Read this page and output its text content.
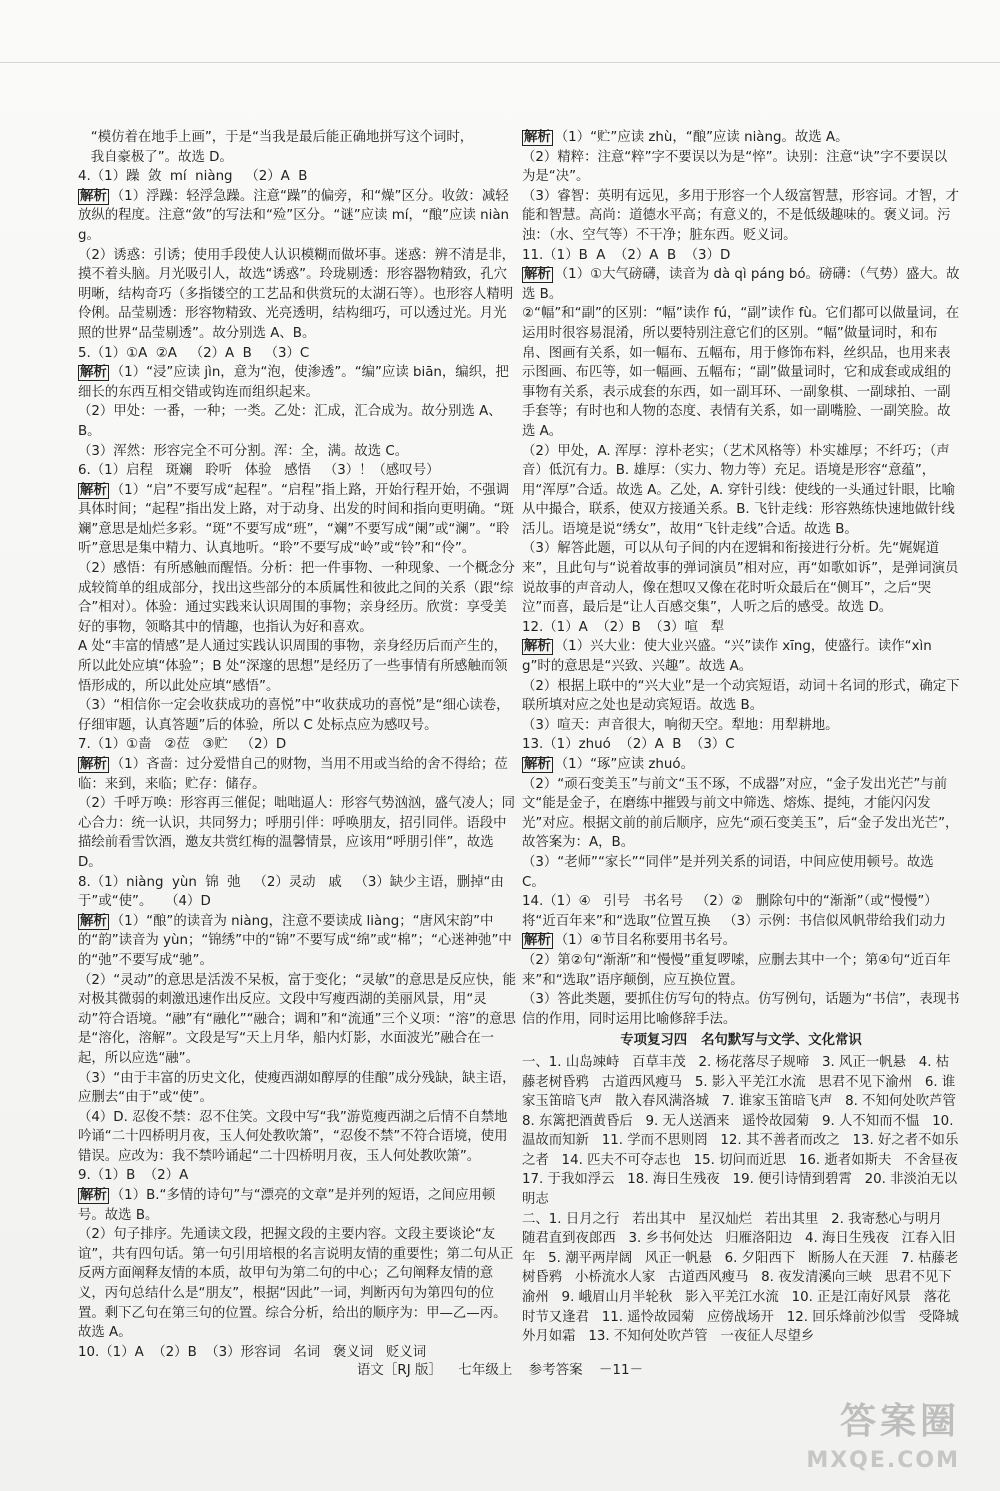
“模仿着在地手上画”，于是“当我是最后能正确地拼写这个词时，

我自豪极了”。故选 D。

4.（1）躁  敛  mí  niàng   （2）A  B

解析 （1）浮躁：轻浮急躁。注意“躁”的偏旁，和“燥”区分。收敛：减轻放纵的程度。注意“敛”的写法和“殓”区分。“谜”应读 mí，“酿”应读 niàng。

（2）诱惑：引诱；使用手段使人认识模糊而做坏事。迷惑：辨不清是非，摸不着头脑。月光吸引人，故选“诱惑”。玲珑剔透：形容器物精致，孔穴明晰，结构奇巧（多指镂空的工艺品和供赏玩的太湖石等）。也形容人精明伶俐。品莹剔透：形容物精致、光亮透明，结构细巧，可以透过光。月光照的世界“品莹剔透”。故分别选 A、B。

5.（1）①A  ②A   （2）A  B   （3）C

解析 （1）“浸”应读 jìn，意为“泡，使渗透”。“编”应读 biān，编织，把细长的东西互相交错或钩连而组织起来。

（2）甲处：一番，一种；一类。乙处：汇成，汇合成为。故分别选 A、B。

（3）浑然：形容完全不可分割。浑：全，满。故选 C。

6.（1）启程   斑斓   聆听   体验   感悟   （3）！（感叹号）

解析 （1）“启”不要写成“起程”。“启程”指上路，开始行程开始，不强调具体时间；“起程”指出发上路，对于动身、出发的时间和指向更明确。“斑斓”意思是灿烂多彩。“斑”不要写成“班”，“斓”不要写成“阑”或“澜”。“聆听”意思是集中精力、认真地听。“聆”不要写成“岭”或“铃”和“伶”。

（2）感悟：有所感触而醒悟。分析：把一件事物、一种现象、一个概念分成较简单的组成部分，找出这些部分的本质属性和彼此之间的关系（跟“综合”相对）。体验：通过实践来认识周围的事物；亲身经历。欣赏：享受美好的事物，领略其中的情趣，也指认为好和喜欢。

A 处“丰富的情感”是人通过实践认识周围的事物，亲身经历后而产生的，所以此处应填“体验”；B 处“深邃的思想”是经历了一些事情有所感触而领悟形成的，所以此处应填“感悟”。

（3）“相信你一定会收获成功的喜悦”中“收获成功的喜悦”是“细心读卷，仔细审题，认真答题”后的体验，所以 C 处标点应为感叹号。

7.（1）①啬   ②莅   ③贮   （2）D

解析 （1）吝啬：过分爱惜自己的财物，当用不用或当给的舍不得给；莅临：来到，来临；贮存：储存。

（2）千呼万唤：形容再三催促；咄咄逼人：形容气势汹汹，盛气凌人；同心合力：统一认识，共同努力；呼朋引伴：呼唤朋友，招引同伴。语段中描绘前看雪饮酒，邀友共赏红梅的温馨情景，应该用“呼朋引伴”，故选 D。

8.（1）niàng  yùn  锦  弛   （2）灵动   戚   （3）缺少主语，删掉“由于”或“使”。   （4）D

解析 （1）“酿”的读音为 niàng，注意不要读成 liàng；“唐风宋韵”中的“韵”读音为 yùn；“锦绣”中的“锦”不要写成“绵”或“棉”；“心迷神弛”中的“弛”不要写成“驰”。

（2）“灵动”的意思是活泼不呆板，富于变化；“灵敏”的意思是反应快，能对极其微弱的刺激迅速作出反应。文段中写瘦西湖的美丽风景，用“灵动”符合语境。“融”有“融化”“融合；调和”和“流通”三个义项：“溶”的意思是“溶化，溶解”。文段是写“天上月华，船内灯影，水面波光”融合在一起，所以应选“融”。

（3）“由于丰富的历史文化，使瘦西湖如醇厚的佳酿”成分残缺，缺主语，应删去“由于”或“使”。

（4）D. 忍俊不禁：忍不住笑。文段中写“我”游览瘦西湖之后情不自禁地吟诵“二十四桥明月夜，玉人何处教吹箫”，“忍俊不禁”不符合语境，使用错误。应改为：我不禁吟诵起“二十四桥明月夜，玉人何处教吹箫”。

9.（1）B  （2）A

解析 （1）B.“多情的诗句”与“漂亮的文章”是并列的短语，之间应用顿号。故选 B。

（2）句子排序。先通读文段，把握文段的主要内容。文段主要谈论“友谊”，共有四句话。第一句引用培根的名言说明友情的重要性；第二句从正反两方面阐释友情的本质，故甲句为第二句的中心；乙句阐释友情的意义，丙句总结什么是“朋友”，根据“因此”一词，判断丙句为第四句的位置。剩下乙句在第三句的位置。综合分析，给出的顺序为：甲—乙—丙。故选 A。

10.（1）A  （2）B  （3）形容词   名词   褒义词   贬义词

解析 （1）“贮”应读 zhù，“酿”应读 niàng。故选 A。

（2）精粹：注意“粹”字不要误以为是“悴”。诀别：注意“诀”字不要误以为是“决”。

（3）睿智：英明有远见，多用于形容一个人级富智慧，形容词。才智，才能和智慧。高尚：道德水平高；有意义的，不是低级趣味的。褒义词。污浊：（水、空气等）不干净；脏东西。贬义词。

11.（1）B  A  （2）A  B  （3）D

解析 （1）①大气磅礴，读音为 dà qì páng bó。磅礴：（气势）盛大。故选 B。

②“幅”和“副”的区别：“幅”读作 fú，“副”读作 fù。它们都可以做量词，在运用时很容易混淆，所以要特别注意它们的区别。“幅”做量词时，和布帛、图画有关系，如一幅布、五幅布，用于修饰布料，丝织品，也用来表示图画、布匹等，如一幅画、五幅布；“副”做量词时，它和成套或成组的事物有关系，表示成套的东西，如一副耳环、一副象棋、一副球拍、一副手套等；有时也和人物的态度、表情有关系，如一副嘴脸、一副笑脸。故选 A。

（2）甲处，A. 浑厚：淳朴老实；（艺术风格等）朴实雄厚；不纤巧；（声音）低沉有力。B. 雄厚：（实力、物力等）充足。语境是形容“意蕴”，用“浑厚”合适。故选 A。乙处，A. 穿针引线：使线的一头通过针眼，比喻从中撮合，联系，使双方接通关系。B. 飞针走线：形容熟练快速地做针线活儿。语境是说“绣女”，故用“飞针走线”合适。故选 B。

（3）解答此题，可以从句子间的内在逻辑和衔接进行分析。先“娓娓道来”，且此句与“说着故事的弹词演员”相对应，再“如歌如诉”，是弹词演员说故事的声音动人，像在想叹又像在花时听众最后在“侧耳”，之后“哭泣”而喜，最后是“让人百感交集”，人听之后的感受。故选 D。

12.（1）A  （2）B  （3）喧   犁

解析 （1）兴大业：使大业兴盛。“兴”读作 xīng，使盛行。读作“xìng”时的意思是“兴致、兴趣”。故选 A。

（2）根据上联中的“兴大业”是一个动宾短语，动词＋名词的形式，确定下联所填对应之处也是动宾短语。故选 B。

（3）喧天：声音很大，响彻天空。犁地：用犁耕地。

13.（1）zhuó  （2）A  B  （3）C

解析 （1）“琢”应读 zhuó。

（2）“顽石变美玉”与前文“玉不琢，不成器”对应，“金子发出光芒”与前文“能是金子，在磨练中摧毁与前文中筛选、熔炼、提纯，才能闪闪发光”对应。根据文前的前后顺序，应先“顽石变美玉”，后“金子发出光芒”，故答案为：A，B。

（3）“老师”“家长”“同伴”是并列关系的词语，中间应使用顿号。故选 C。

14.（1）④   引号   书名号   （2）②   删除句中的“渐渐”（或“慢慢”）   将“近百年来”和“选取”位置互换   （3）示例：书信似风帆带给我们动力

解析 （1）④节目名称要用书名号。

（2）第②句“渐渐”和“慢慢”重复啰嗦，应删去其中一个；第④句“近百年来”和“选取”语序颠倒，应互换位置。

（3）答此类题，要抓住仿写句的特点。仿写例句，话题为“书信”，表现书信的作用，同时运用比喻修辞手法。

专项复习四   名句默写与文学、文化常识

一、1. 山岛竦峙   百草丰茂   2. 杨花落尽子规啼   3. 风正一帆悬   4. 枯藤老树昏鸦   古道西风瘦马   5. 影入平羌江水流   思君不见下渝州   6. 谁家玉笛暗飞声   散入春风满洛城   7. 谁家玉笛暗飞声   8. 不知何处吹芦管   8. 东篱把酒黄昏后   9. 无人送酒来   遥怜故园菊   9. 人不知而不愠   10. 温故而知新   11. 学而不思则罔   12. 其不善者而改之   13. 好之者不如乐之者   14. 匹夫不可夺志也   15. 切问而近思   16. 逝者如斯夫   不舍昼夜   17. 于我如浮云   18. 海日生残夜   19. 便引诗情到碧霄   20. 非淡泊无以明志

二、1. 日月之行   若出其中   星汉灿烂   若出其里   2. 我寄愁心与明月   随君直到夜郎西   3. 乡书何处达   归雁洛阳边   4. 海日生残夜   江春入旧年   5. 潮平两岸阔   风正一帆悬   6. 夕阳西下   断肠人在天涯   7. 枯藤老树昏鸦   小桥流水人家   古道西风瘦马   8. 夜发清溪向三峡   思君不见下渝州   9. 峨眉山月半轮秋   影入平羌江水流   10. 正是江南好风景   落花时节又逢君   11. 遥怜故园菊   应傍战场开   12. 回乐烽前沙似雪   受降城外月如霜   13. 不知何处吹芦管   一夜征人尽望乡

语文［RJ 版］ 七年级上 参考答案 －11－
答案圈
MXQE.COM
